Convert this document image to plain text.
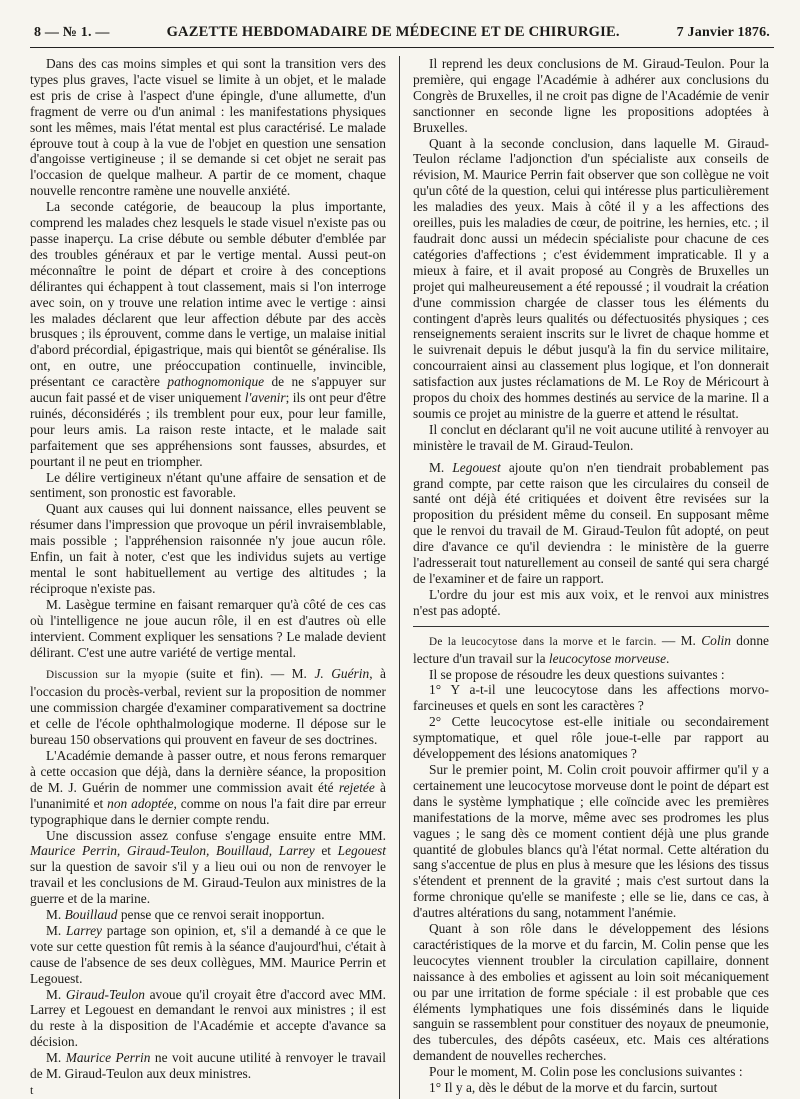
8 — № 1. —	GAZETTE HEBDOMADAIRE DE MÉDECINE ET DE CHIRURGIE.	7 Janvier 1876.

Dans des cas moins simples et qui sont la transition vers des types plus graves, l'acte visuel se limite à un objet, et le malade est pris de crise à l'aspect d'une épingle, d'une allumette, d'un fragment de verre ou d'un animal : les manifestations physiques sont les mêmes, mais l'état mental est plus caractérisé. Le malade éprouve tout à coup à la vue de l'objet en question une sensation d'angoisse vertigineuse ; il se demande si cet objet ne serait pas l'occasion de quelque malheur. A partir de ce moment, chaque nouvelle rencontre ramène une nouvelle anxiété.

La seconde catégorie, de beaucoup la plus importante, comprend les malades chez lesquels le stade visuel n'existe pas ou passe inaperçu. La crise débute ou semble débuter d'emblée par des troubles généraux et par le vertige mental. Aussi peut-on méconnaître le point de départ et croire à des conceptions délirantes qui échappent à tout classement, mais si l'on interroge avec soin, on y trouve une relation intime avec le vertige : ainsi les malades déclarent que leur affection débute par des accès brusques ; ils éprouvent, comme dans le vertige, un malaise initial d'abord précordial, épigastrique, mais qui bientôt se généralise. Ils ont, en outre, une préoccupation continuelle, invincible, présentant ce caractère pathognomonique de ne s'appuyer sur aucun fait passé et de viser uniquement l'avenir; ils ont peur d'être ruinés, déconsidérés ; ils tremblent pour eux, pour leur famille, pour leurs amis. La raison reste intacte, et le malade sait parfaitement que ses appréhensions sont fausses, absurdes, et pourtant il ne peut en triompher.

Le délire vertigineux n'étant qu'une affaire de sensation et de sentiment, son pronostic est favorable.

Quant aux causes qui lui donnent naissance, elles peuvent se résumer dans l'impression que provoque un péril invraisemblable, mais possible ; l'appréhension raisonnée n'y joue aucun rôle. Enfin, un fait à noter, c'est que les individus sujets au vertige mental le sont habituellement au vertige des altitudes ; la réciproque n'existe pas.

M. Lasègue termine en faisant remarquer qu'à côté de ces cas où l'intelligence ne joue aucun rôle, il en est d'autres où elle intervient. Comment expliquer les sensations ? Le malade devient délirant. C'est une autre variété de vertige mental.

Discussion sur la myopie (suite et fin). — M. J. Guérin, à l'occasion du procès-verbal, revient sur la proposition de nommer une commission chargée d'examiner comparativement sa doctrine et celle de l'école ophthalmologique moderne. Il dépose sur le bureau 150 observations qui prouvent en faveur de ses doctrines.

L'Académie demande à passer outre, et nous ferons remarquer à cette occasion que déjà, dans la dernière séance, la proposition de M. J. Guérin de nommer une commission avait été rejetée à l'unanimité et non adoptée, comme on nous l'a fait dire par erreur typographique dans le dernier compte rendu.

Une discussion assez confuse s'engage ensuite entre MM. Maurice Perrin, Giraud-Teulon, Bouillaud, Larrey et Legouest sur la question de savoir s'il y a lieu oui ou non de renvoyer le travail et les conclusions de M. Giraud-Teulon aux ministres de la guerre et de la marine.

M. Bouillaud pense que ce renvoi serait inopportun.

M. Larrey partage son opinion, et, s'il a demandé à ce que le vote sur cette question fût remis à la séance d'aujourd'hui, c'était à cause de l'absence de ses deux collègues, MM. Maurice Perrin et Legouest.

M. Giraud-Teulon avoue qu'il croyait être d'accord avec MM. Larrey et Legouest en demandant le renvoi aux ministres ; il est du reste à la disposition de l'Académie et accepte d'avance sa décision.

M. Maurice Perrin ne voit aucune utilité à renvoyer le travail de M. Giraud-Teulon aux deux ministres.

t

Il reprend les deux conclusions de M. Giraud-Teulon. Pour la première, qui engage l'Académie à adhérer aux conclusions du Congrès de Bruxelles, il ne croit pas digne de l'Académie de venir sanctionner en seconde ligne les propositions adoptées à Bruxelles.

Quant à la seconde conclusion, dans laquelle M. Giraud-Teulon réclame l'adjonction d'un spécialiste aux conseils de révision, M. Maurice Perrin fait observer que son collègue ne voit qu'un côté de la question, celui qui intéresse plus particulièrement les maladies des yeux. Mais à côté il y a les affections des oreilles, puis les maladies de cœur, de poitrine, les hernies, etc. ; il faudrait donc aussi un médecin spécialiste pour chacune de ces catégories d'affections ; c'est évidemment impraticable. Il y a mieux à faire, et il avait proposé au Congrès de Bruxelles un projet qui malheureusement a été repoussé ; il voudrait la création d'une commission chargée de classer tous les éléments du contingent d'après leurs qualités ou défectuosités physiques ; ces renseignements seraient inscrits sur le livret de chaque homme et le suivrenait depuis le début jusqu'à la fin du service militaire, concourraient ainsi au classement plus logique, et l'on donnerait satisfaction aux justes réclamations de M. Le Roy de Méricourt à propos du choix des hommes destinés au service de la marine. Il a soumis ce projet au ministre de la guerre et attend le résultat.

Il conclut en déclarant qu'il ne voit aucune utilité à renvoyer au ministère le travail de M. Giraud-Teulon.

M. Legouest ajoute qu'on n'en tiendrait probablement pas grand compte, par cette raison que les circulaires du conseil de santé ont déjà été critiquées et doivent être revisées sur la proposition du président même du conseil. En supposant même que le renvoi du travail de M. Giraud-Teulon fût adopté, on peut dire d'avance ce qu'il deviendra : le ministère de la guerre l'adresserait tout naturellement au conseil de santé qui sera chargé de l'examiner et de faire un rapport.

L'ordre du jour est mis aux voix, et le renvoi aux ministres n'est pas adopté.

De la leucocytose dans la morve et le farcin. — M. Colin donne lecture d'un travail sur la leucocytose morveuse.

Il se propose de résoudre les deux questions suivantes :

1° Y a-t-il une leucocytose dans les affections morvo-farcineuses et quels en sont les caractères ?

2° Cette leucocytose est-elle initiale ou secondairement symptomatique, et quel rôle joue-t-elle par rapport au développement des lésions anatomiques ?

Sur le premier point, M. Colin croit pouvoir affirmer qu'il y a certainement une leucocytose morveuse dont le point de départ est dans le système lymphatique ; elle coïncide avec les premières manifestations de la morve, même avec ses prodromes les plus vagues ; le sang dès ce moment contient déjà une plus grande quantité de globules blancs qu'à l'état normal. Cette altération du sang s'accentue de plus en plus à mesure que les lésions des tissus s'étendent et prennent de la gravité ; mais c'est surtout dans la forme chronique qu'elle se manifeste ; elle se lie, dans ce cas, à d'autres altérations du sang, notamment l'anémie.

Quant à son rôle dans le développement des lésions caractéristiques de la morve et du farcin, M. Colin pense que les leucocytes viennent troubler la circulation capillaire, donnent naissance à des embolies et agissent au loin soit mécaniquement ou par une irritation de forme spéciale : il est probable que ces éléments lymphatiques une fois disséminés dans le liquide sanguin se rassemblent pour constituer des noyaux de pneumonie, des tubercules, des dépôts caséeux, etc. Mais ces altérations demandent de nouvelles recherches.

Pour le moment, M. Colin pose les conclusions suivantes :

1° Il y a, dès le début de la morve et du farcin, surtout
